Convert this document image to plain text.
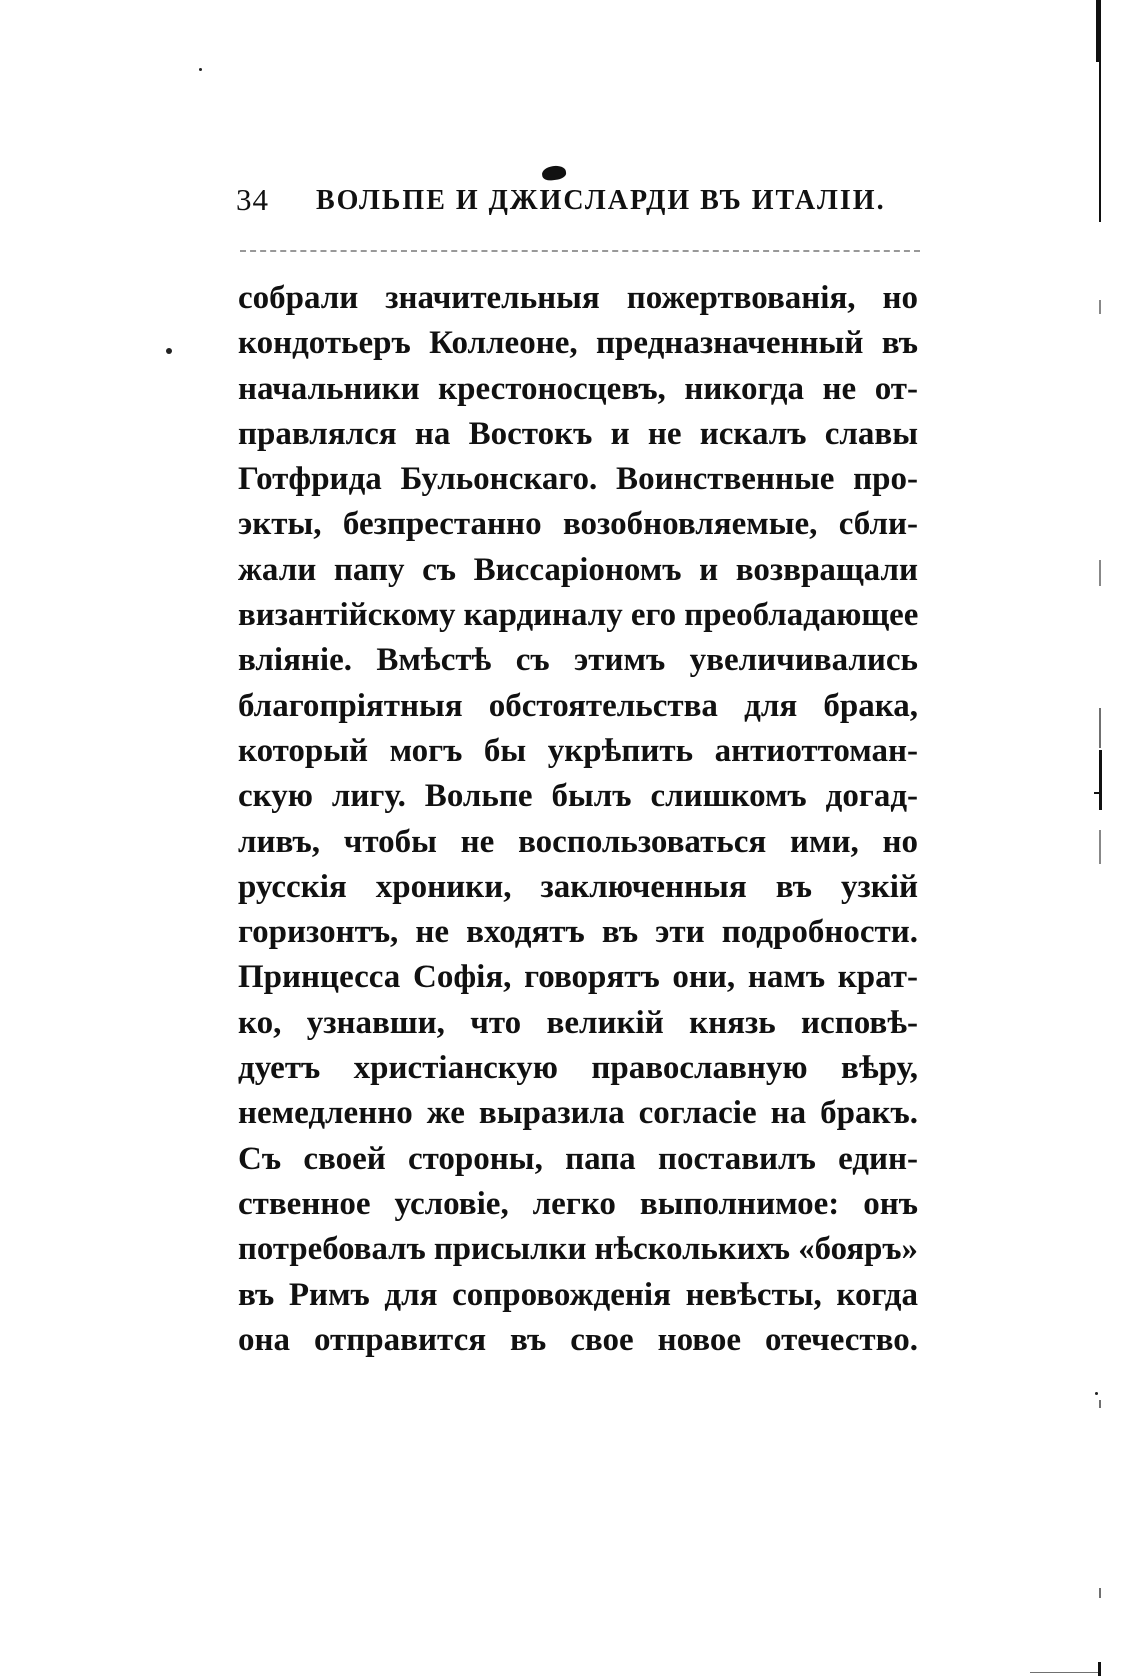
34 ВОЛЬПЕ И ДЖИСЛАРДИ ВЪ ИТАЛІИ.
собрали значительныя пожертвованія, но
кондотьеръ Коллеоне, предназначенный въ
начальники крестоносцевъ, никогда не от-
правлялся на Востокъ и не искалъ славы
Готфрида Бульонскаго. Воинственные про-
экты, безпрестанно возобновляемые, сбли-
жали папу съ Виссаріономъ и возвращали
византійскому кардиналу его преобладающее
вліяніе. Вмѣстѣ съ этимъ увеличивались
благопріятныя обстоятельства для брака,
который могъ бы укрѣпить антиоттоман-
скую лигу. Вольпе былъ слишкомъ догад-
ливъ, чтобы не воспользоваться ими, но
русскія хроники, заключенныя въ узкій
горизонтъ, не входятъ въ эти подробности.
Принцесса Софія, говорятъ они, намъ крат-
ко, узнавши, что великій князь исповѣ-
дуетъ христіанскую православную вѣру,
немедленно же выразила согласіе на бракъ.
Съ своей стороны, папа поставилъ един-
ственное условіе, легко выполнимое: онъ
потребовалъ присылки нѣсколькихъ «бояръ»
въ Римъ для сопровожденія невѣсты, когда
она отправится въ свое новое отечество.
